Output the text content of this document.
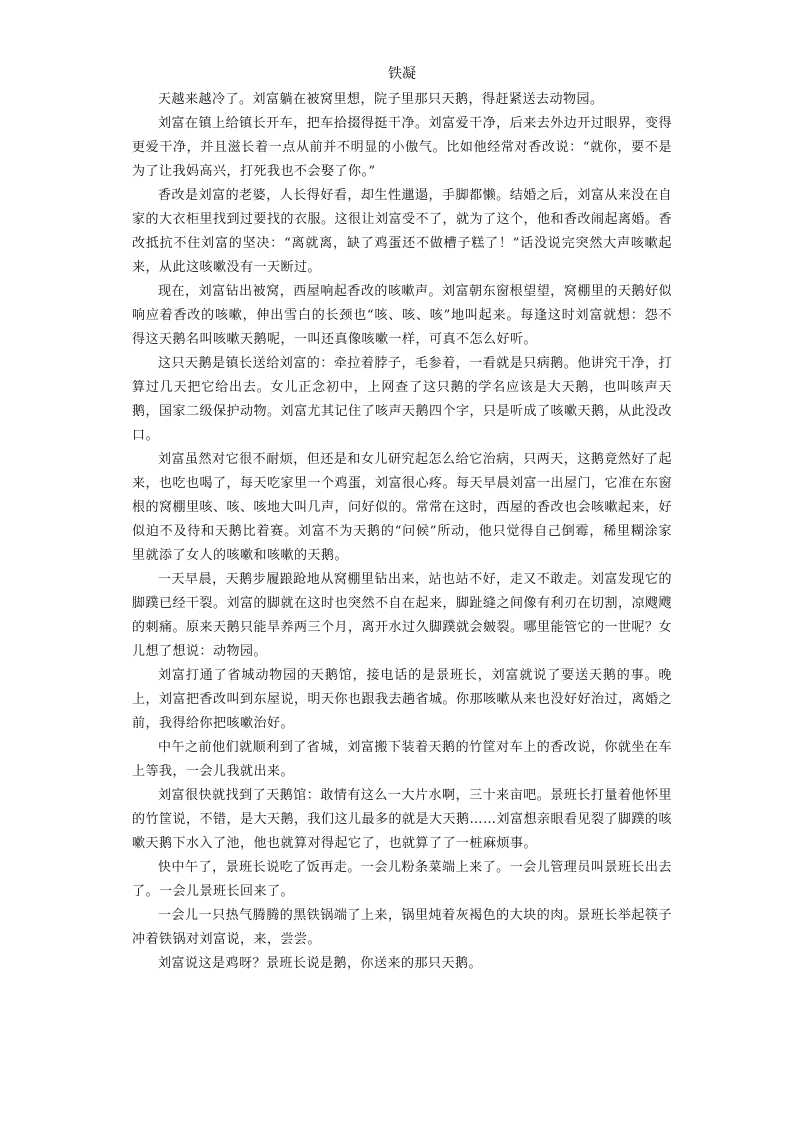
铁凝

天越来越冷了。刘富躺在被窝里想，院子里那只天鹅，得赶紧送去动物园。

刘富在镇上给镇长开车，把车拾掇得挺干净。刘富爱干净，后来去外边开过眼界，变得更爱干净，并且滋长着一点从前并不明显的小傲气。比如他经常对香改说：“就你，要不是为了让我妈高兴，打死我也不会娶了你。”

香改是刘富的老婆，人长得好看，却生性邋遢，手脚都懒。结婚之后，刘富从来没在自家的大衣柜里找到过要找的衣服。这很让刘富受不了，就为了这个，他和香改闹起离婚。香改抵抗不住刘富的坚决：“离就离，缺了鸡蛋还不做槽子糕了！”话没说完突然大声咳嗽起来，从此这咳嗽没有一天断过。

现在，刘富钻出被窝，西屋响起香改的咳嗽声。刘富朝东窗根望望，窝棚里的天鹅好似响应着香改的咳嗽，伸出雪白的长颈也“咳、咳、咳”地叫起来。每逢这时刘富就想：怨不得这天鹅名叫咳嗽天鹅呢，一叫还真像咳嗽一样，可真不怎么好听。

这只天鹅是镇长送给刘富的：牵拉着脖子，毛参着，一看就是只病鹅。他讲究干净，打算过几天把它给出去。女儿正念初中，上网查了这只鹅的学名应该是大天鹅，也叫咳声天鹅，国家二级保护动物。刘富尤其记住了咳声天鹅四个字，只是听成了咳嗽天鹅，从此没改口。

刘富虽然对它很不耐烦，但还是和女儿研究起怎么给它治病，只两天，这鹅竟然好了起来，也吃也喝了，每天吃家里一个鸡蛋，刘富很心疼。每天早晨刘富一出屋门，它准在东窗根的窝棚里咳、咳、咳地大叫几声，问好似的。常常在这时，西屋的香改也会咳嗽起来，好似迫不及待和天鹅比着赛。刘富不为天鹅的“问候”所动，他只觉得自己倒霉，稀里糊涂家里就添了女人的咳嗽和咳嗽的天鹅。

一天早晨，天鹅步履踉跄地从窝棚里钻出来，站也站不好，走又不敢走。刘富发现它的脚蹼已经干裂。刘富的脚就在这时也突然不自在起来，脚趾缝之间像有利刃在切割，凉飕飕的刺痛。原来天鹅只能旱养两三个月，离开水过久脚蹼就会皴裂。哪里能管它的一世呢？女儿想了想说：动物园。

刘富打通了省城动物园的天鹅馆，接电话的是景班长，刘富就说了要送天鹅的事。晚上，刘富把香改叫到东屋说，明天你也跟我去趟省城。你那咳嗽从来也没好好治过，离婚之前，我得给你把咳嗽治好。

中午之前他们就顺利到了省城，刘富搬下装着天鹅的竹筐对车上的香改说，你就坐在车上等我，一会儿我就出来。

刘富很快就找到了天鹅馆：敢情有这么一大片水啊，三十来亩吧。景班长打量着他怀里的竹筐说，不错，是大天鹅，我们这儿最多的就是大天鹅……刘富想亲眼看见裂了脚蹼的咳嗽天鹅下水入了池，他也就算对得起它了，也就算了了一桩麻烦事。

快中午了，景班长说吃了饭再走。一会儿粉条菜端上来了。一会儿管理员叫景班长出去了。一会儿景班长回来了。

一会儿一只热气腾腾的黑铁锅端了上来，锅里炖着灰褐色的大块的肉。景班长举起筷子冲着铁锅对刘富说，来，尝尝。

刘富说这是鸡呀？景班长说是鹅，你送来的那只天鹅。
